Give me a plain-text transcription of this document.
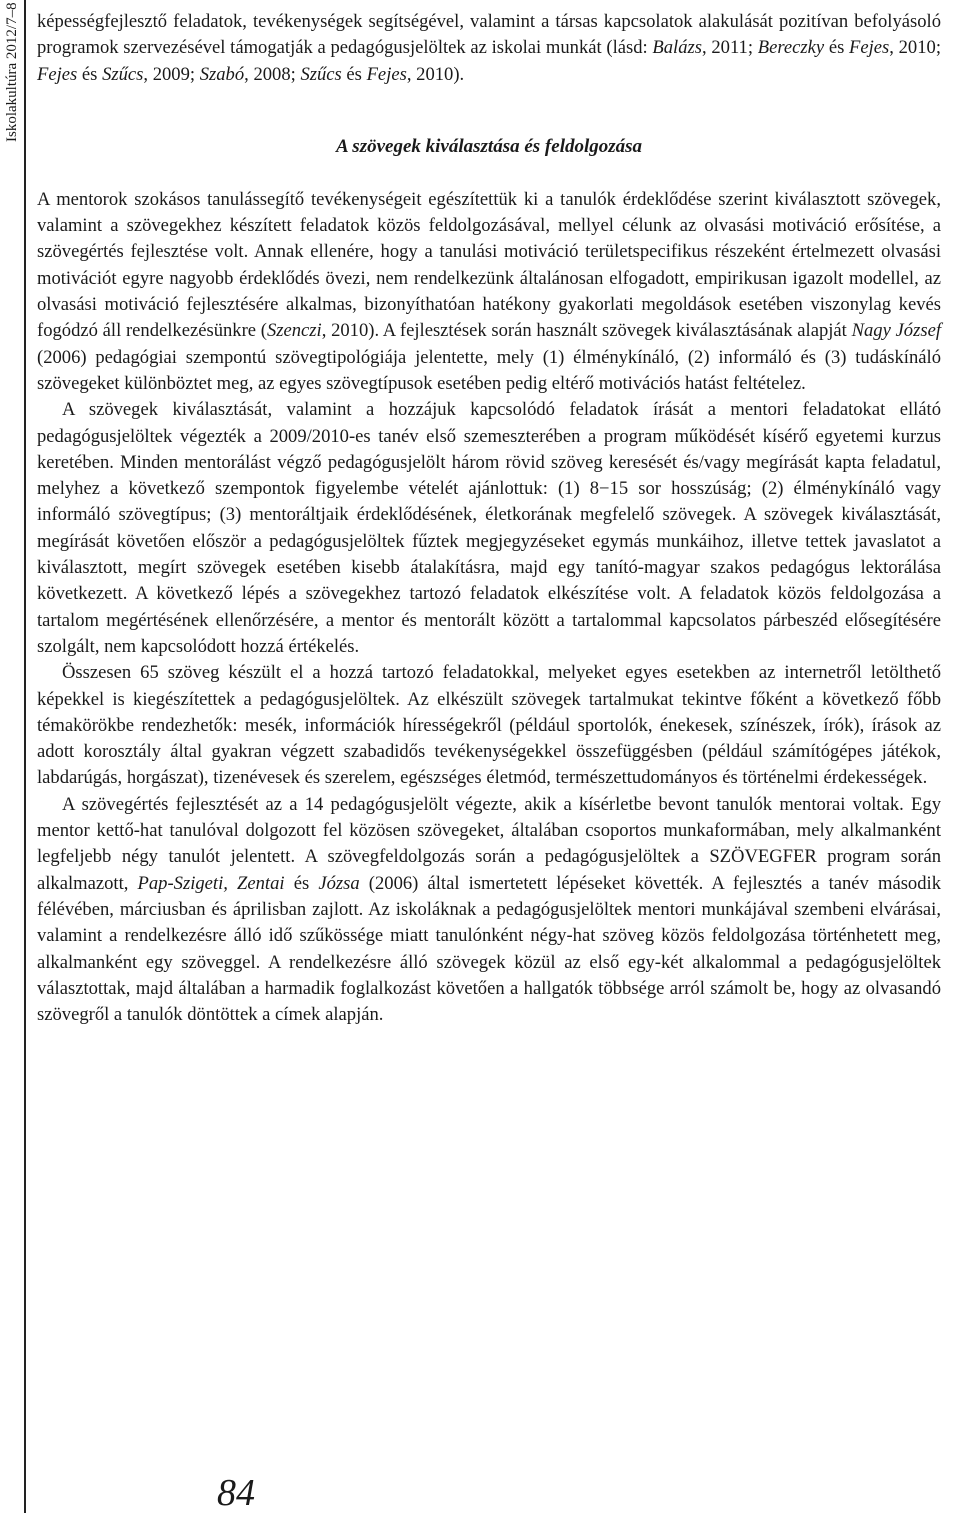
Iskolakultúra 2012/7–8 képességfejlesztő feladatok, tevékenységek segítségével, valamint a társas kapcsolatok alakulását pozitívan befolyásoló programok szervezésével támogatják a pedagógusjelöltek az iskolai munkát (lásd: Balázs, 2011; Bereczky és Fejes, 2010; Fejes és Szűcs, 2009; Szabó, 2008; Szűcs és Fejes, 2010).

A szövegek kiválasztása és feldolgozása

A mentorok szokásos tanulássegítő tevékenységeit egészítettük ki a tanulók érdeklődése szerint kiválasztott szövegek, valamint a szövegekhez készített feladatok közös feldolgozásával, mellyel célunk az olvasási motiváció erősítése, a szövegértés fejlesztése volt. Annak ellenére, hogy a tanulási motiváció területspecifikus részeként értelmezett olvasási motivációt egyre nagyobb érdeklődés övezi, nem rendelkezünk általánosan elfogadott, empirikusan igazolt modellel, az olvasási motiváció fejlesztésére alkalmas, bizonyíthatóan hatékony gyakorlati megoldások esetében viszonylag kevés fogódzó áll rendelkezésünkre (Szenczi, 2010). A fejlesztések során használt szövegek kiválasztásának alapját Nagy József (2006) pedagógiai szempontú szövegtipológiája jelentette, mely (1) élménykínáló, (2) informáló és (3) tudáskínáló szövegeket különböztet meg, az egyes szövegtípusok esetében pedig eltérő motivációs hatást feltételez.

A szövegek kiválasztását, valamint a hozzájuk kapcsolódó feladatok írását a mentori feladatokat ellátó pedagógusjelöltek végezték a 2009/2010-es tanév első szemeszterében a program működését kísérő egyetemi kurzus keretében. Minden mentorálást végző pedagógusjelölt három rövid szöveg keresését és/vagy megírását kapta feladatul, melyhez a következő szempontok figyelembe vételét ajánlottuk: (1) 8−15 sor hosszúság; (2) élménykínáló vagy informáló szövegtípus; (3) mentoráltjaik érdeklődésének, életkorának megfelelő szövegek. A szövegek kiválasztását, megírását követően először a pedagógusjelöltek fűztek megjegyzéseket egymás munkáihoz, illetve tettek javaslatot a kiválasztott, megírt szövegek esetében kisebb átalakításra, majd egy tanító-magyar szakos pedagógus lektorálása következett. A következő lépés a szövegekhez tartozó feladatok elkészítése volt. A feladatok közös feldolgozása a tartalom megértésének ellenőrzésére, a mentor és mentorált között a tartalommal kapcsolatos párbeszéd elősegítésére szolgált, nem kapcsolódott hozzá értékelés.

Összesen 65 szöveg készült el a hozzá tartozó feladatokkal, melyeket egyes esetekben az internetről letölthető képekkel is kiegészítettek a pedagógusjelöltek. Az elkészült szövegek tartalmukat tekintve főként a következő főbb témakörökbe rendezhetők: mesék, információk hírességekről (például sportolók, énekesek, színészek, írók), írások az adott korosztály által gyakran végzett szabadidős tevékenységekkel összefüggésben (például számítógépes játékok, labdarúgás, horgászat), tizenévesek és szerelem, egészséges életmód, természettudományos és történelmi érdekességek.

A szövegértés fejlesztését az a 14 pedagógusjelölt végezte, akik a kísérletbe bevont tanulók mentorai voltak. Egy mentor kettő-hat tanulóval dolgozott fel közösen szövegeket, általában csoportos munkaformában, mely alkalmanként legfeljebb négy tanulót jelentett. A szövegfeldolgozás során a pedagógusjelöltek a SZÖVEGFER program során alkalmazott, Pap-Szigeti, Zentai és Józsa (2006) által ismertetett lépéseket követték. A fejlesztés a tanév második félévében, márciusban és áprilisban zajlott. Az iskoláknak a pedagógusjelöltek mentori munkájával szembeni elvárásai, valamint a rendelkezésre álló idő szűkössége miatt tanulónként négy-hat szöveg közös feldolgozása történhetett meg, alkalmanként egy szöveggel. A rendelkezésre álló szövegek közül az első egy-két alkalommal a pedagógusjelöltek választottak, majd általában a harmadik foglalkozást követően a hallgatók többsége arról számolt be, hogy az olvasandó szövegről a tanulók döntöttek a címek alapján.

84
